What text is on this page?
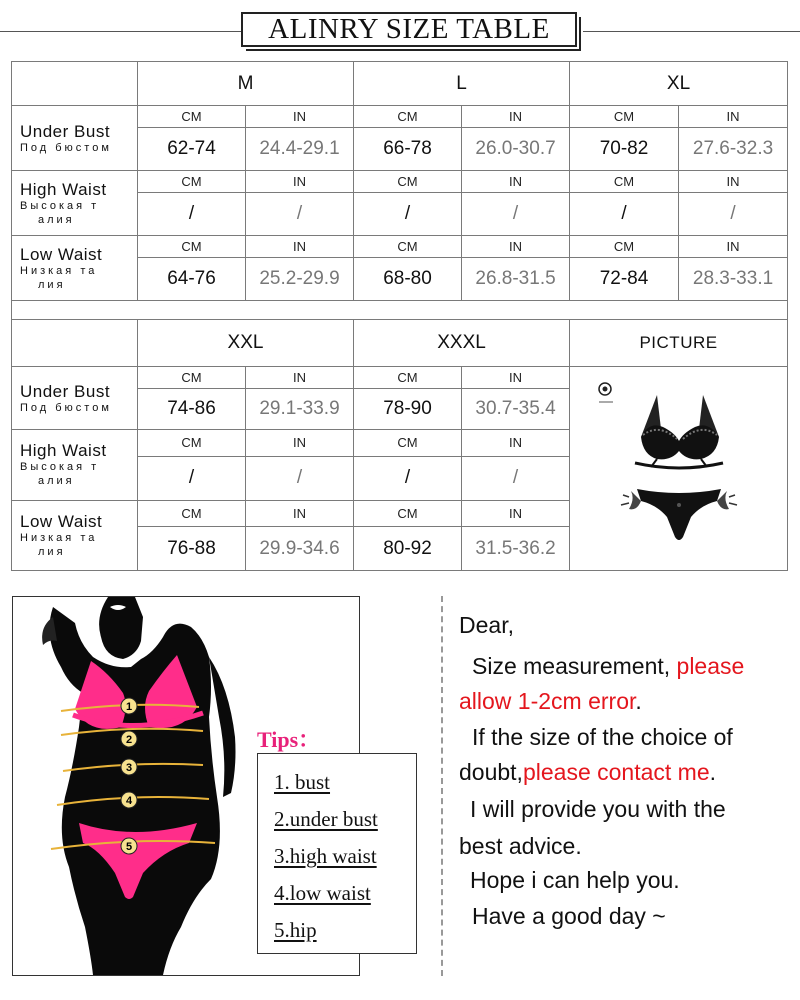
ALINRY SIZE TABLE
	M		L		XL	

Under Bust
Под бюстом	CM	IN	CM	IN	CM	IN
	62-74	24.4-29.1	66-78	26.0-30.7	70-82	27.6-32.3

High Waist
Высокая т
алия	CM	IN	CM	IN	CM	IN
	/	/	/	/	/	/

Low Waist
Низкая та
лия	CM	IN	CM	IN	CM	IN
	64-76	25.2-29.9	68-80	26.8-31.5	72-84	28.3-33.1

	XXL		XXXL		PICTURE	

Under Bust
Под бюстом	CM	IN	CM	IN	
	74-86	29.1-33.9	78-90	30.7-35.4		

High Waist
Высокая т
алия	CM	IN	CM	IN		
	/	/	/	/		

Low Waist
Низкая та
лия	CM	IN	CM	IN		
	76-88	29.9-34.6	80-92	31.5-36.2		
1
2
3
4
5
Tips：
1. bust
2.under bust
3.high waist
4.low waist
5.hip
Dear,
Size measurement, please
allow 1-2cm error.
If the size of the choice of
doubt,please contact me.
I will provide you with the
best advice.
Hope i can help you.
Have a good day ~
